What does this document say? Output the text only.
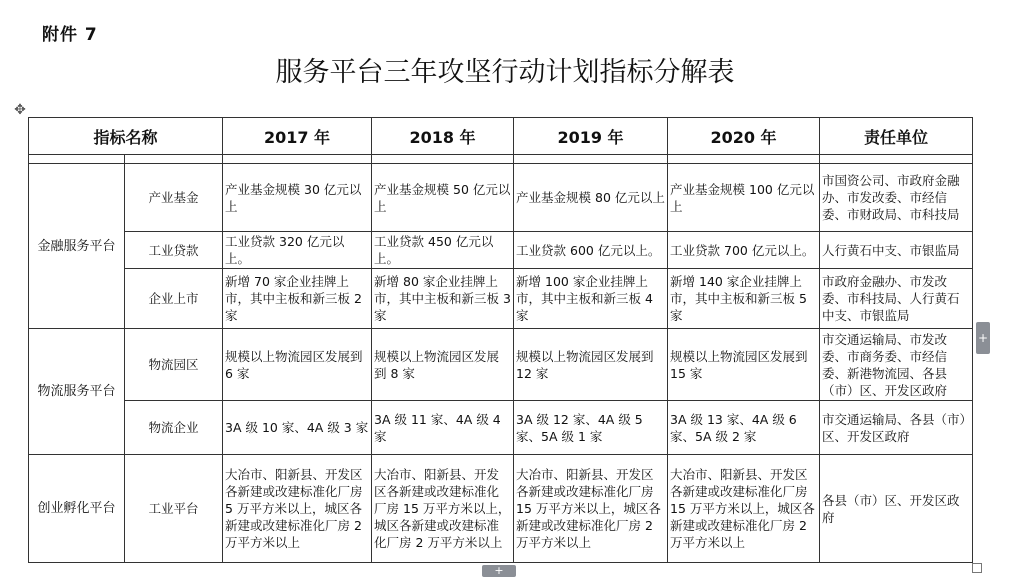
附件 7
服务平台三年攻坚行动计划指标分解表
✥
指标名称		2017 年	2018 年	2019 年	2020 年	责任单位

金融服务平台	产业基金	产业基金规模 30 亿元以上	产业基金规模 50 亿元以上	产业基金规模 80 亿元以上	产业基金规模 100 亿元以上	市国资公司、市政府金融办、市发改委、市经信委、市财政局、市科技局
	工业贷款	工业贷款 320 亿元以上。	工业贷款 450 亿元以上。	工业贷款 600 亿元以上。	工业贷款 700 亿元以上。	人行黄石中支、市银监局
	企业上市	新增 70 家企业挂牌上市，其中主板和新三板 2 家	新增 80 家企业挂牌上市，其中主板和新三板 3 家	新增 100 家企业挂牌上市，其中主板和新三板 4 家	新增 140 家企业挂牌上市，其中主板和新三板 5 家	市政府金融办、市发改委、市科技局、人行黄石中支、市银监局
物流服务平台	物流园区	规模以上物流园区发展到 6 家	规模以上物流园区发展到 8 家	规模以上物流园区发展到 12 家	规模以上物流园区发展到 15 家	市交通运输局、市发改委、市商务委、市经信委、新港物流园、各县（市）区、开发区政府
	物流企业	3A 级 10 家、4A 级 3 家	3A 级 11 家、4A 级 4 家	3A 级 12 家、4A 级 5 家、5A 级 1 家	3A 级 13 家、4A 级 6 家、5A 级 2 家	市交通运输局、各县（市）区、开发区政府
创业孵化平台	工业平台	大冶市、阳新县、开发区各新建或改建标准化厂房 5 万平方米以上，城区各新建或改建标准化厂房 2 万平方米以上	大冶市、阳新县、开发区各新建或改建标准化厂房 15 万平方米以上，城区各新建或改建标准化厂房 2 万平方米以上	大冶市、阳新县、开发区各新建或改建标准化厂房 15 万平方米以上，城区各新建或改建标准化厂房 2 万平方米以上	大冶市、阳新县、开发区各新建或改建标准化厂房 15 万平方米以上，城区各新建或改建标准化厂房 2 万平方米以上	各县（市）区、开发区政府
+
+
